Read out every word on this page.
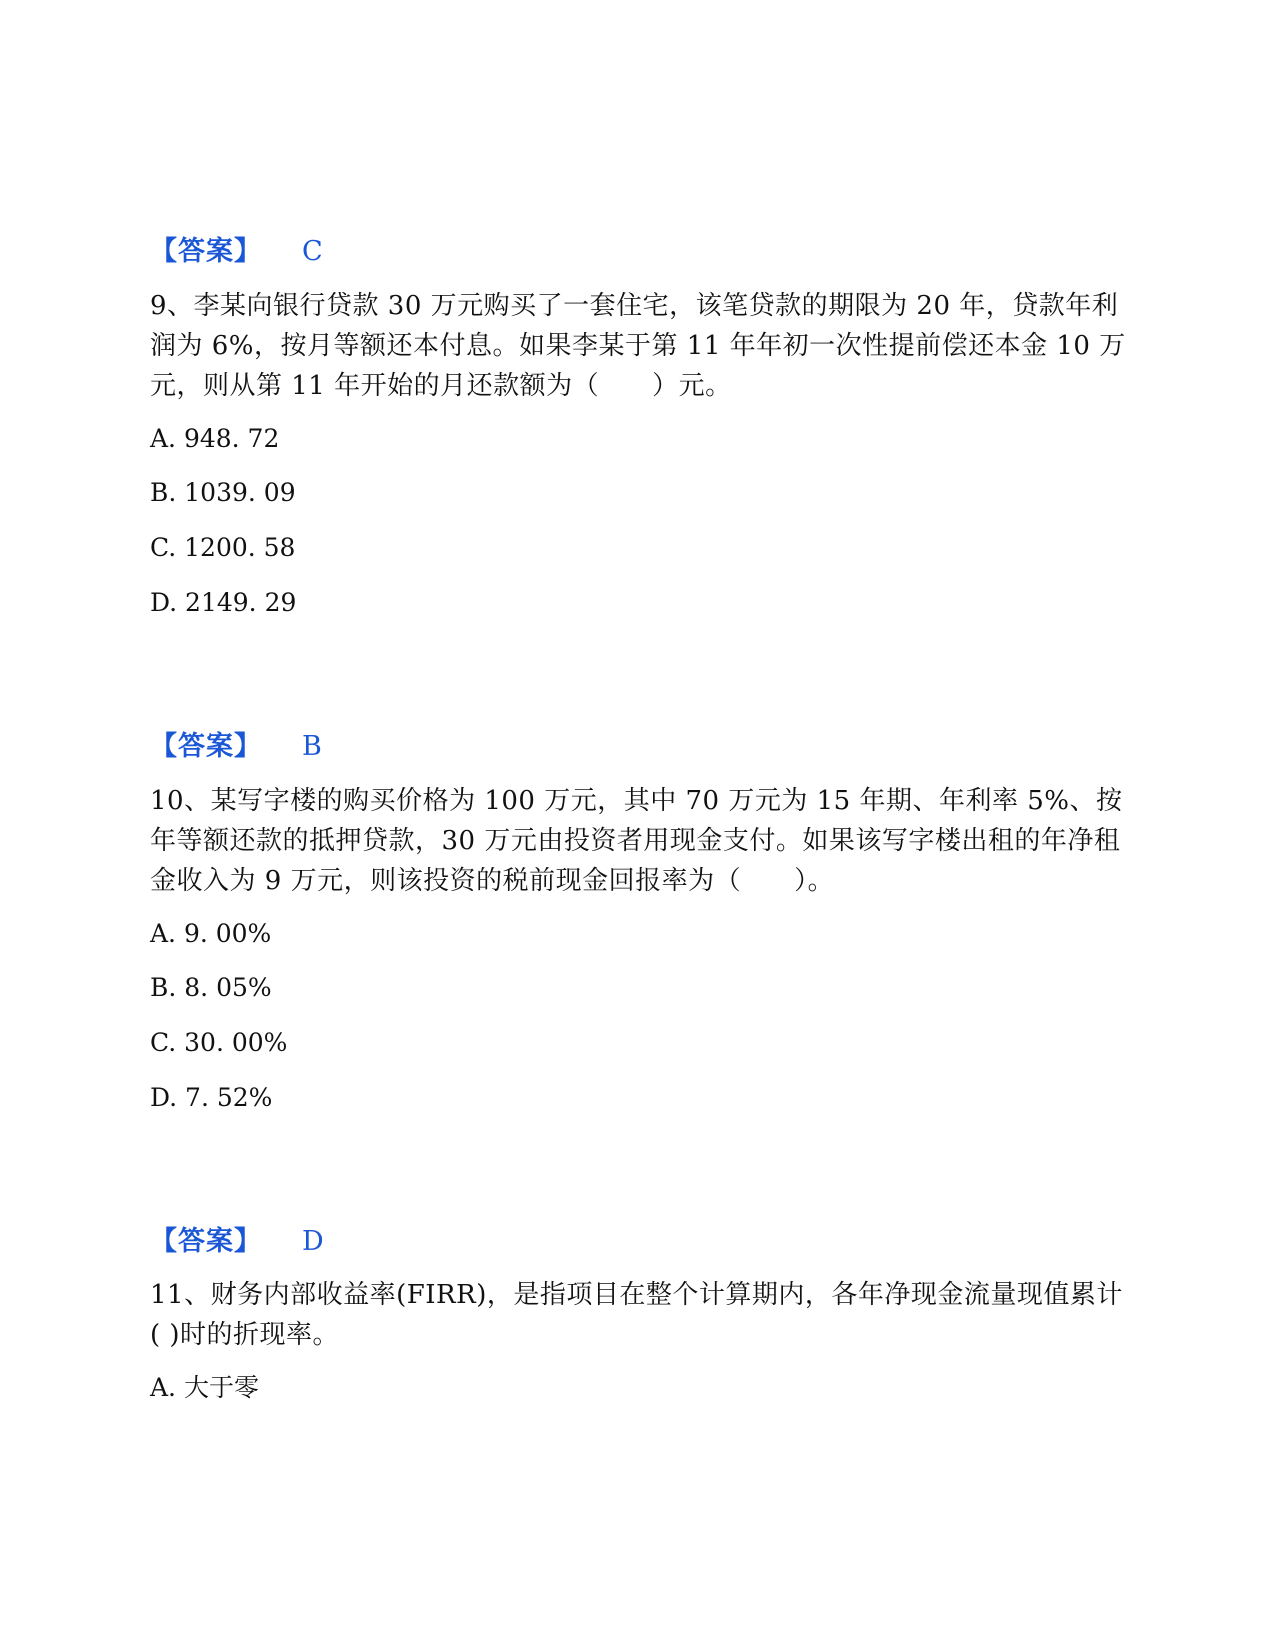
【答案】 C
9、李某向银行贷款 30 万元购买了一套住宅，该笔贷款的期限为 20 年，贷款年利润为 6%，按月等额还本付息。如果李某于第 11 年年初一次性提前偿还本金 10 万元，则从第 11 年开始的月还款额为（　　）元。
A. 948. 72
B. 1039. 09
C. 1200. 58
D. 2149. 29
【答案】 B
10、某写字楼的购买价格为 100 万元，其中 70 万元为 15 年期、年利率 5%、按年等额还款的抵押贷款，30 万元由投资者用现金支付。如果该写字楼出租的年净租金收入为 9 万元，则该投资的税前现金回报率为（　　）。
A. 9. 00%
B. 8. 05%
C. 30. 00%
D. 7. 52%
【答案】 D
11、财务内部收益率(FIRR)，是指项目在整个计算期内，各年净现金流量现值累计( )时的折现率。
A. 大于零
